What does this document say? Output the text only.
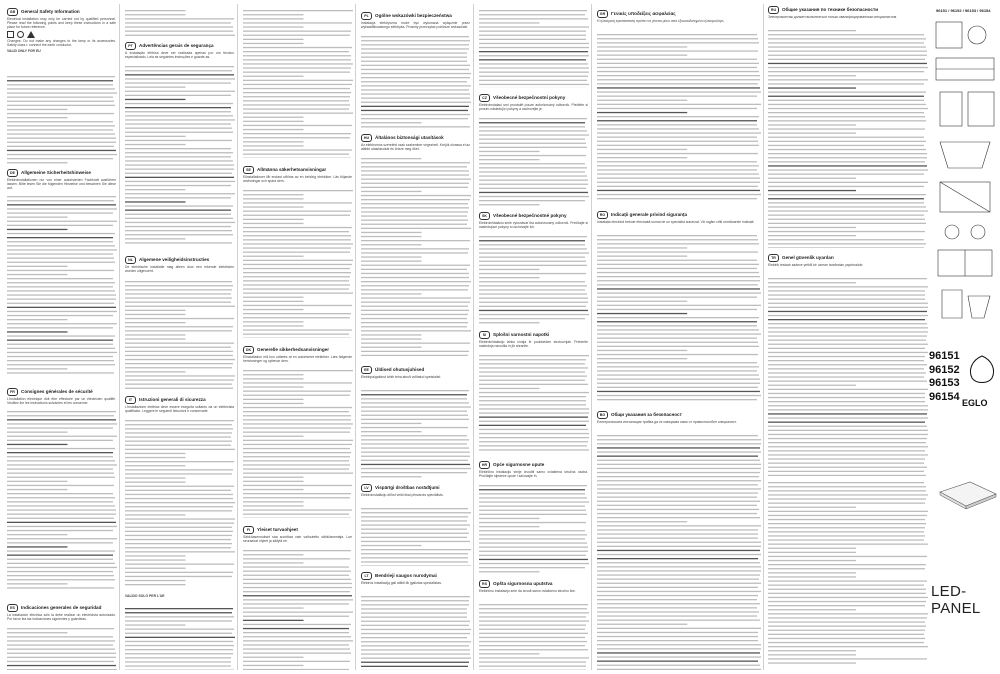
GB	General Safety Information
Electrical installation may only be carried out by qualified personnel. Please read the following points and keep these instructions in a safe place for future reference.
Changes: Do not make any changes to the lamp or its accessories. Safety class I: connect the earth conductor.
VALID ONLY FOR EU
DE	Allgemeine Sicherheitshinweise
Elektroinstallationen nur von einer autorisierten Fachkraft ausführen lassen. Bitte lesen Sie die folgenden Hinweise und bewahren Sie diese auf.
FR	Consignes générales de sécurité
L'installation électrique doit être effectuée par un électricien qualifié. Veuillez lire les instructions suivantes et les conserver.
ES	Indicaciones generales de seguridad
La instalación eléctrica sólo la debe realizar un electricista autorizado. Por favor lea las indicaciones siguientes y guárdelas.
PT	Advertências gerais de segurança
A instalação elétrica deve ser realizada apenas por um técnico especializado. Leia as seguintes instruções e guarde-as.
NL	Algemene veiligheidsinstructies
De elektrische installatie mag alleen door een erkende elektricien worden uitgevoerd.
IT	Istruzioni generali di sicurezza
L'installazione elettrica deve essere eseguita soltanto da un elettricista qualificato. Leggere le seguenti istruzioni e conservarle.
VALIDO SOLO PER L'UE
SE	Allmänna säkerhetsanvisningar
Elinstallationer får endast utföras av en behörig elektriker. Läs följande anvisningar och spara dem.
DK	Generelle sikkerhedsanvisninger
Elinstallation må kun udføres af en autoriseret elektriker. Læs følgende henvisninger og opbevar dem.
FI	Yleiset turvaohjeet
Sähköasennukset saa suorittaa vain valtuutettu sähköasentaja. Lue seuraavat ohjeet ja säilytä ne.
PL	Ogólne wskazówki bezpieczeństwa
Instalacja elektryczna może być wykonana wyłącznie przez wykwalifikowanego elektryka. Prosimy przeczytać poniższe wskazówki.
HU	Általános biztonsági utasítások
Az elektromos szerelést csak szakember végezheti. Kérjük olvassa el az alábbi utasításokat és őrizze meg őket.
EE	Üldised ohutusjuhised
Elektripaigaldust tohib teha ainult volitatud spetsialist.
LV	Vispārīgi drošības norādījumi
Elektroinstalāciju drīkst veikt tikai pilnvarots speciālists.
LT	Bendrieji saugos nurodymai
Elektros instaliaciją gali atlikti tik įgaliotas specialistas.
CZ	Všeobecné bezpečnostní pokyny
Elektroinstalaci smí provádět pouze autorizovaný odborník. Přečtěte si prosím následující pokyny a uschovejte je.
SK	Všeobecné bezpečnostné pokyny
Elektroinštaláciu smie vykonávať iba autorizovaný odborník. Prečítajte si nasledujúce pokyny a uschovajte ich.
SI	Splošni varnostni napotki
Elektroinštalacijo lahko izvaja le pooblaščen strokovnjak. Preberite naslednja navodila in jih shranite.
HR	Opće sigurnosne upute
Električnu instalaciju smije izvoditi samo ovlaštena stručna osoba. Pročitajte sljedeće upute i sačuvajte ih.
RS	Opšta sigurnosna uputstva
Električnu instalaciju sme da izvodi samo ovlašćeno stručno lice.
GR	Γενικές υποδείξεις ασφαλείας
Η ηλεκτρική εγκατάσταση πρέπει να γίνεται μόνο από εξουσιοδοτημένο ηλεκτρολόγο.
RO	Indicații generale privind siguranța
Instalația electrică trebuie efectuată numai de un specialist autorizat. Vă rugăm citiți următoarele indicații.
BG	Общи указания за безопасност
Електрическата инсталация трябва да се извършва само от правоспособен специалист.
96151 / 96152 / 96153 / 96154
RU	Общие указания по технике безопасности
Электромонтаж должен выполняться только квалифицированным специалистом.
TR	Genel güvenlik uyarıları
Elektrik tesisatı sadece yetkili bir uzman tarafından yapılmalıdır.
96151
96152
96153
96154
EGLO
LED-PANEL
